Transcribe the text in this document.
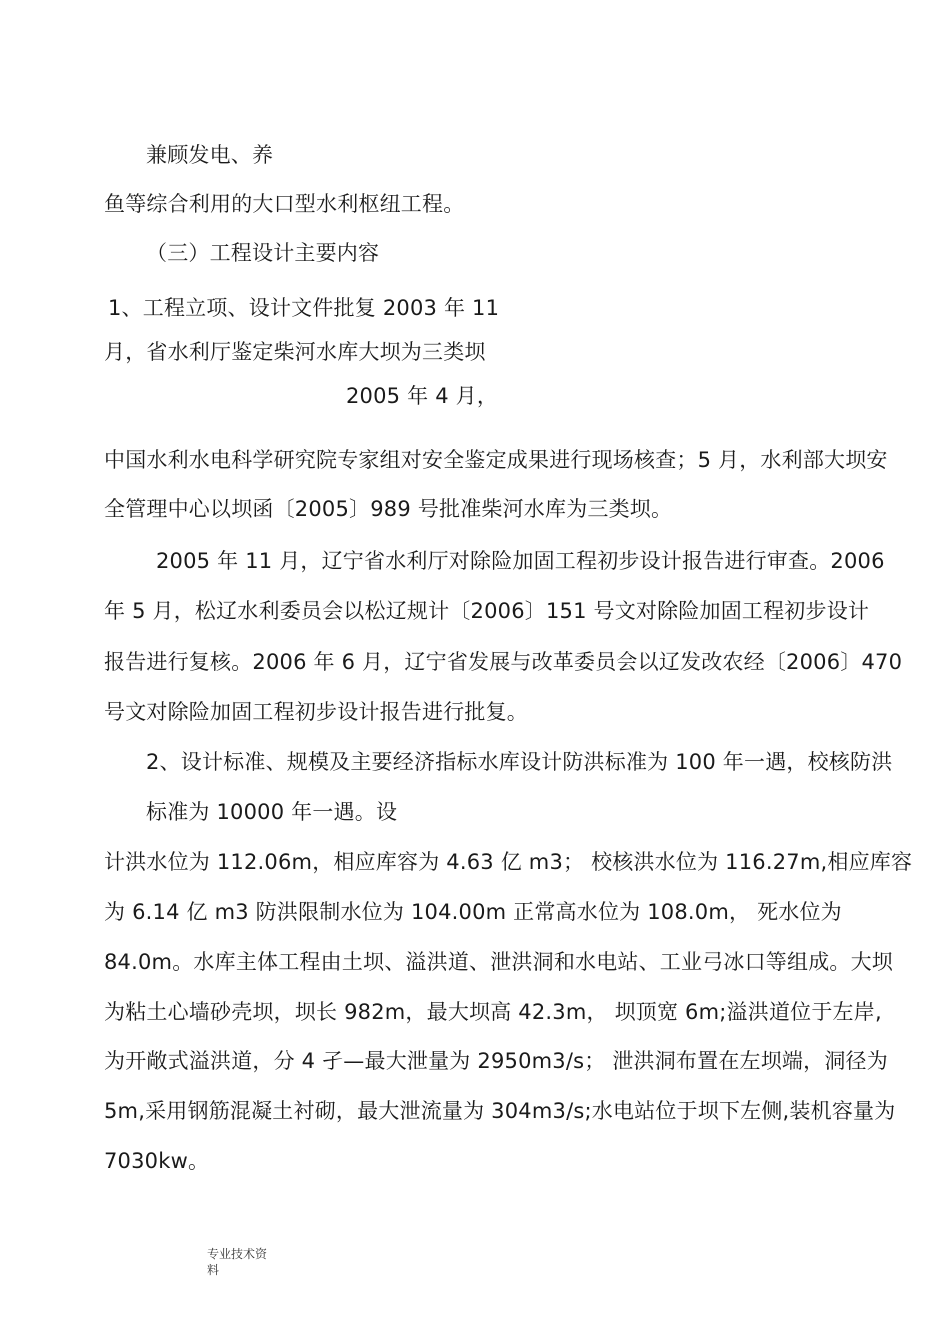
兼顾发电、养
鱼等综合利用的大口型水利枢纽工程。
（三）工程设计主要内容
1、工程立项、设计文件批复 2003 年 11
月，省水利厅鉴定柴河水库大坝为三类坝
2005 年 4 月，
中国水利水电科学研究院专家组对安全鉴定成果进行现场核查；5 月，水利部大坝安
全管理中心以坝函〔2005〕989 号批准柴河水库为三类坝。
2005 年 11 月，辽宁省水利厅对除险加固工程初步设计报告进行审查。2006
年 5 月，松辽水利委员会以松辽规计〔2006〕151 号文对除险加固工程初步设计
报告进行复核。2006 年 6 月，辽宁省发展与改革委员会以辽发改农经〔2006〕470
号文对除险加固工程初步设计报告进行批复。
2、设计标准、规模及主要经济指标水库设计防洪标准为 100 年一遇，校核防洪
标准为 10000 年一遇。设
计洪水位为 112.06m，相应库容为 4.63 亿 m3； 校核洪水位为 116.27m,相应库容
为 6.14 亿 m3 防洪限制水位为 104.00m 正常高水位为 108.0m， 死水位为
84.0m。水库主体工程由土坝、溢洪道、泄洪洞和水电站、工业弓冰口等组成。大坝
为粘土心墙砂壳坝，坝长 982m，最大坝高 42.3m， 坝顶宽 6m;溢洪道位于左岸,
为开敞式溢洪道，分 4 孑—最大泄量为 2950m3/s； 泄洪洞布置在左坝端，洞径为
5m,采用钢筋混凝土衬砌，最大泄流量为 304m3/s;水电站位于坝下左侧,装机容量为
7030kw。
专业技术资
料
